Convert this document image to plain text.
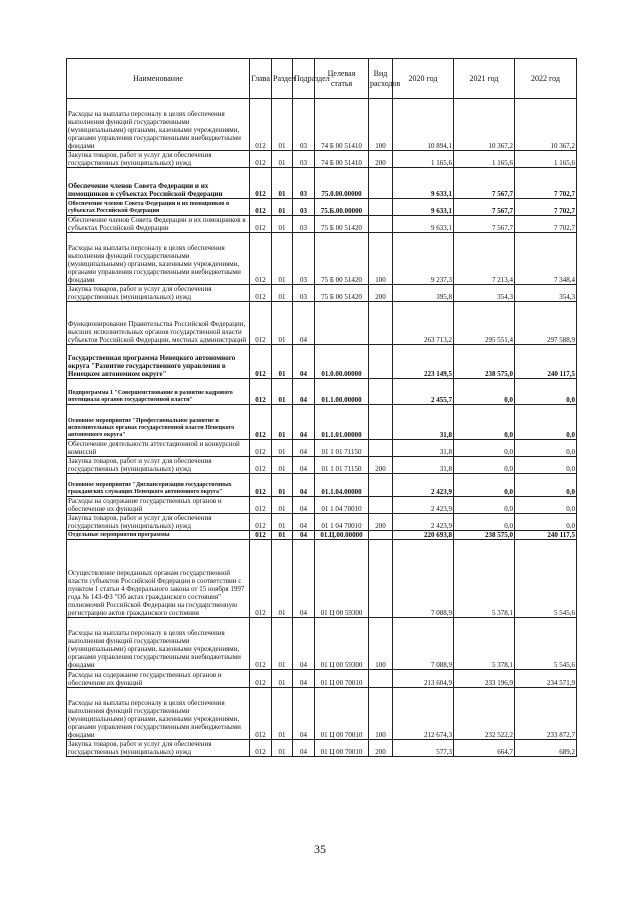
Наименование	Глава	Раздел	Подраздел	Целевая статья	Вид расходов	2020 год	2021 год	2022 год
Расходы на выплаты персоналу в целях обеспечения выполнения функций государственными (муниципальными) органами, казенными учреждениями, органами управления государственными внебюджетными фондами	012	01	03	74 Б 00 51410	100	10 894,1	10 367,2	10 367,2
Закупка товаров, работ и услуг для обеспечения государственных (муниципальных) нужд	012	01	03	74 Б 00 51410	200	1 165,6	1 165,6	1 165,6
Обеспечение членов Совета Федерации и их помощников в субъектах Российской Федерации	012	01	03	75.0.00.00000		9 633,1	7 567,7	7 702,7
Обеспечение членов Совета Федерации и их помощников в субъектах Российской Федерации	012	01	03	75.Б.00.00000		9 633,1	7 567,7	7 702,7
Обеспечение членов Совета Федерации и их помощников в субъектах Российской Федерации	012	01	03	75 Б 00 51420		9 633,1	7 567,7	7 702,7
Расходы на выплаты персоналу в целях обеспечения выполнения функций государственными (муниципальными) органами, казенными учреждениями, органами управления государственными внебюджетными фондами	012	01	03	75 Б 00 51420	100	9 237,3	7 213,4	7 348,4
Закупка товаров, работ и услуг для обеспечения государственных (муниципальных) нужд	012	01	03	75 Б 00 51420	200	395,8	354,3	354,3
Функционирование Правительства Российской Федерации, высших исполнительных органов государственной власти субъектов Российской Федерации, местных администраций	012	01	04			263 713,2	295 551,4	297 588,9
Государственная программа Ненецкого автономного округа "Развитие государственного управления в Ненецком автономном округе"	012	01	04	01.0.00.00000		223 149,5	238 575,0	240 117,5
Подпрограмма 1 "Совершенствование и развитие кадрового потенциала органов государственной власти"	012	01	04	01.1.00.00000		2 455,7	0,0	0,0
Основное мероприятие "Профессиональное развитие и исполнительных органах государственной власти Ненецкого автономного округа"	012	01	04	01.1.01.00000		31,8	0,0	0,0
Обеспечение деятельности аттестационной и конкурсной комиссий	012	01	04	01 1 01 71150		31,8	0,0	0,0
Закупка товаров, работ и услуг для обеспечения государственных (муниципальных) нужд	012	01	04	01 1 01 71150	200	31,8	0,0	0,0
Основное мероприятие "Диспансеризация государственных гражданских служащих Ненецкого автономного округа"	012	01	04	01.1.04.00000		2 423,9	0,0	0,0
Расходы на содержание государственных органов и обеспечение их функций	012	01	04	01 1 04 70010		2 423,9	0,0	0,0
Закупка товаров, работ и услуг для обеспечения государственных (муниципальных) нужд	012	01	04	01 1 04 70010	200	2 423,9	0,0	0,0
Отдельные мероприятия программы	012	01	04	01.Ц.00.00000		220 693,8	238 575,0	240 117,5
Осуществление переданных органам государственной власти субъектов Российской Федерации в соответствии с пунктом 1 статьи 4 Федерального закона от 15 ноября 1997 года № 143-ФЗ "Об актах гражданского состояния" полномочий Российской Федерации на государственную регистрацию актов гражданского состояния	012	01	04	01 Ц 00 59300		7 088,9	5 378,1	5 545,6
Расходы на выплаты персоналу в целях обеспечения выполнения функций государственными (муниципальными) органами, казенными учреждениями, органами управления государственными внебюджетными фондами	012	01	04	01 Ц 00 59300	100	7 088,9	5 378,1	5 545,6
Расходы на содержание государственных органов и обеспечение их функций	012	01	04	01 Ц 00 70010		213 604,9	233 196,9	234 571,9
Расходы на выплаты персоналу в целях обеспечения выполнения функций государственными (муниципальными) органами, казенными учреждениями, органами управления государственными внебюджетными фондами	012	01	04	01 Ц 00 70010	100	212 674,3	232 522,2	233 872,7
Закупка товаров, работ и услуг для обеспечения государственных (муниципальных) нужд	012	01	04	01 Ц 00 70010	200	577,3	664,7	689,2
35
